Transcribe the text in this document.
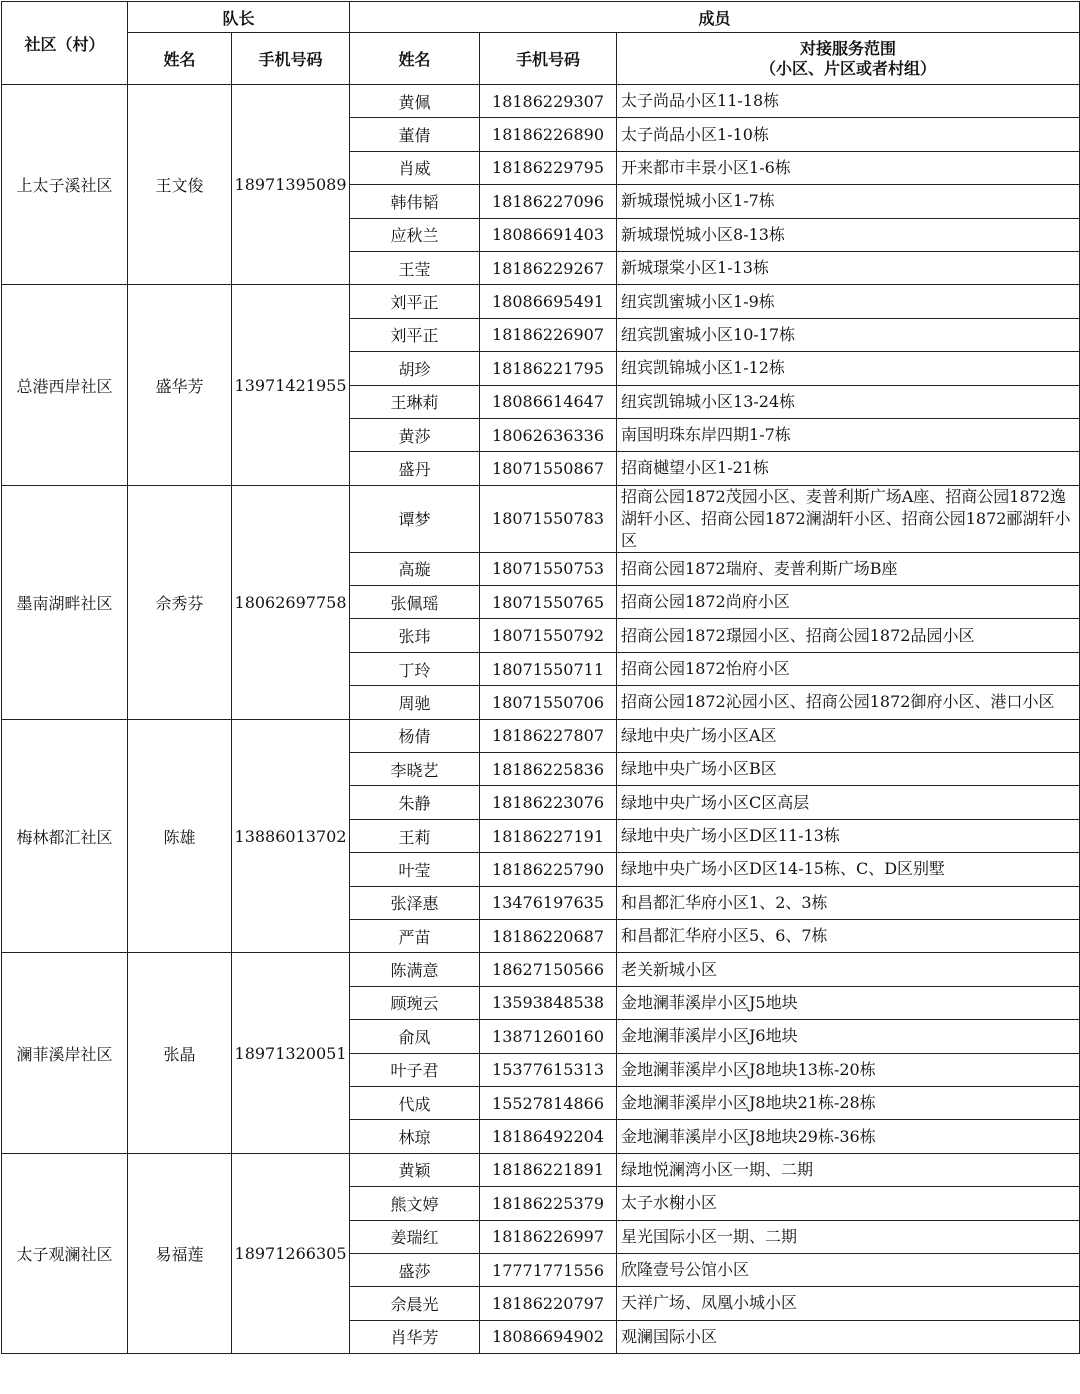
社区（村）	队长		成员		
	姓名	手机号码	姓名	手机号码	对接服务范围
（小区、片区或者村组）

上太子溪社区	王文俊	18971395089	黄佩	18186229307	太子尚品小区11-18栋
			董倩	18186226890	太子尚品小区1-10栋
			肖威	18186229795	开来都市丰景小区1-6栋
			韩伟韬	18186227096	新城璟悦城小区1-7栋
			应秋兰	18086691403	新城璟悦城小区8-13栋
			王莹	18186229267	新城璟棠小区1-13栋
总港西岸社区	盛华芳	13971421955	刘平正	18086695491	纽宾凯蜜城小区1-9栋
			刘平正	18186226907	纽宾凯蜜城小区10-17栋
			胡珍	18186221795	纽宾凯锦城小区1-12栋
			王琳莉	18086614647	纽宾凯锦城小区13-24栋
			黄莎	18062636336	南国明珠东岸四期1-7栋
			盛丹	18071550867	招商樾望小区1-21栋
墨南湖畔社区	佘秀芬	18062697758	谭梦	18071550783	招商公园1872茂园小区、麦普利斯广场A座、招商公园1872逸湖轩小区、招商公园1872澜湖轩小区、招商公园1872郦湖轩小区
			高璇	18071550753	招商公园1872瑞府、麦普利斯广场B座
			张佩瑶	18071550765	招商公园1872尚府小区
			张玮	18071550792	招商公园1872璟园小区、招商公园1872品园小区
			丁玲	18071550711	招商公园1872怡府小区
			周驰	18071550706	招商公园1872沁园小区、招商公园1872御府小区、港口小区
梅林都汇社区	陈雄	13886013702	杨倩	18186227807	绿地中央广场小区A区
			李晓艺	18186225836	绿地中央广场小区B区
			朱静	18186223076	绿地中央广场小区C区高层
			王莉	18186227191	绿地中央广场小区D区11-13栋
			叶莹	18186225790	绿地中央广场小区D区14-15栋、C、D区别墅
			张泽惠	13476197635	和昌都汇华府小区1、2、3栋
			严苗	18186220687	和昌都汇华府小区5、6、7栋
澜菲溪岸社区	张晶	18971320051	陈满意	18627150566	老关新城小区
			顾琬云	13593848538	金地澜菲溪岸小区J5地块
			俞凤	13871260160	金地澜菲溪岸小区J6地块
			叶子君	15377615313	金地澜菲溪岸小区J8地块13栋-20栋
			代成	15527814866	金地澜菲溪岸小区J8地块21栋-28栋
			林琼	18186492204	金地澜菲溪岸小区J8地块29栋-36栋
太子观澜社区	易福莲	18971266305	黄颖	18186221891	绿地悦澜湾小区一期、二期
			熊文婷	18186225379	太子水榭小区
			姜瑞红	18186226997	星光国际小区一期、二期
			盛莎	17771771556	欣隆壹号公馆小区
			佘晨光	18186220797	天祥广场、凤凰小城小区
			肖华芳	18086694902	观澜国际小区
